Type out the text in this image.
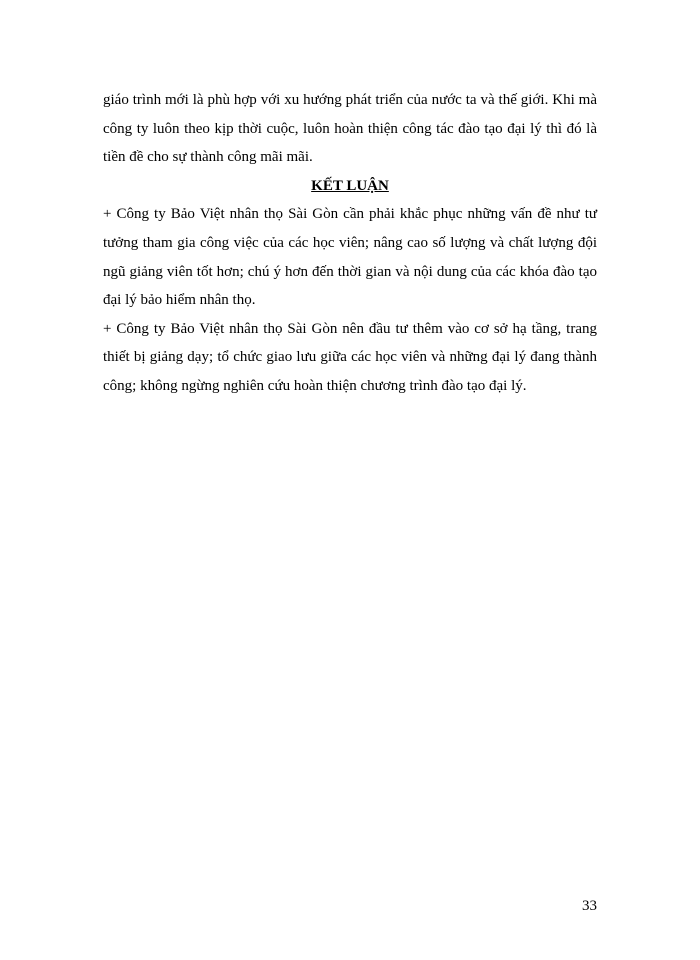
giáo trình mới là phù hợp với xu hướng phát triển của nước ta và thế giới. Khi mà công ty luôn theo kịp thời cuộc, luôn hoàn thiện công tác đào tạo đại lý thì đó là tiền đề cho sự thành công mãi mãi.

KẾT LUẬN

+ Công ty Bảo Việt nhân thọ Sài Gòn cần phải khắc phục những vấn đề như tư tưởng tham gia công việc của các học viên; nâng cao số lượng và chất lượng đội ngũ giảng viên tốt hơn; chú ý hơn đến thời gian và nội dung của các khóa đào tạo đại lý bảo hiểm nhân thọ.

+ Công ty Bảo Việt nhân thọ Sài Gòn nên đầu tư thêm vào cơ sở hạ tầng, trang thiết bị giảng dạy; tổ chức giao lưu giữa các học viên và những đại lý đang thành công; không ngừng nghiên cứu hoàn thiện chương trình đào tạo đại lý.

33
